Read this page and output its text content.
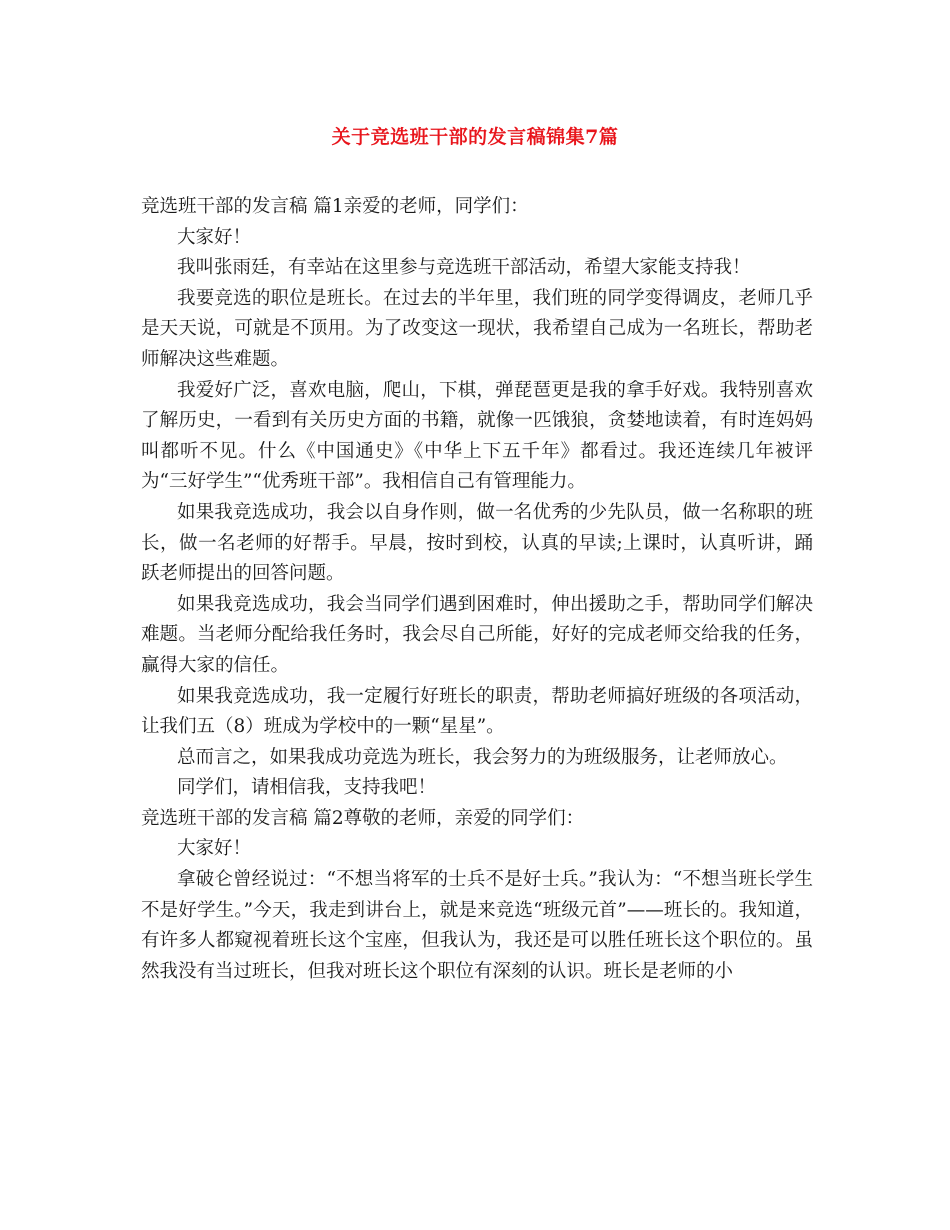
关于竞选班干部的发言稿锦集7篇

竞选班干部的发言稿 篇1亲爱的老师，同学们：

大家好！

我叫张雨廷，有幸站在这里参与竞选班干部活动，希望大家能支持我！

我要竞选的职位是班长。在过去的半年里，我们班的同学变得调皮，老师几乎是天天说，可就是不顶用。为了改变这一现状，我希望自己成为一名班长，帮助老师解决这些难题。

我爱好广泛，喜欢电脑，爬山，下棋，弹琵琶更是我的拿手好戏。我特别喜欢了解历史，一看到有关历史方面的书籍，就像一匹饿狼，贪婪地读着，有时连妈妈叫都听不见。什么《中国通史》《中华上下五千年》都看过。我还连续几年被评为“三好学生”“优秀班干部”。我相信自己有管理能力。

如果我竞选成功，我会以自身作则，做一名优秀的少先队员，做一名称职的班长，做一名老师的好帮手。早晨，按时到校，认真的早读;上课时，认真听讲，踊跃老师提出的回答问题。

如果我竞选成功，我会当同学们遇到困难时，伸出援助之手，帮助同学们解决难题。当老师分配给我任务时，我会尽自己所能，好好的完成老师交给我的任务，赢得大家的信任。

如果我竞选成功，我一定履行好班长的职责，帮助老师搞好班级的各项活动，让我们五（8）班成为学校中的一颗“星星”。

总而言之，如果我成功竞选为班长，我会努力的为班级服务，让老师放心。

同学们，请相信我，支持我吧！

竞选班干部的发言稿 篇2尊敬的老师，亲爱的同学们：

大家好！

拿破仑曾经说过：“不想当将军的士兵不是好士兵。”我认为：“不想当班长学生不是好学生。”今天，我走到讲台上，就是来竞选“班级元首”——班长的。我知道，有许多人都窥视着班长这个宝座，但我认为，我还是可以胜任班长这个职位的。虽然我没有当过班长，但我对班长这个职位有深刻的认识。班长是老师的小
